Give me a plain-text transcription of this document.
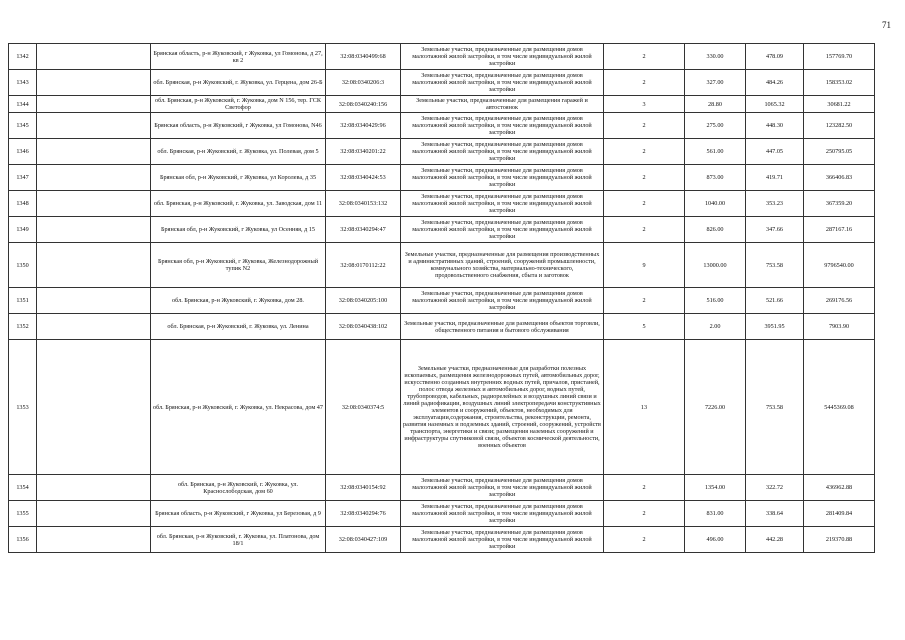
71
1342		Брянская область, р-н Жуковский, г Жуковка, ул Гомонова, д 27, кв 2	32:08:0340499:68	Земельные участки, предназначенные для размещения домов малоэтажной жилой застройки, в том числе индивидуальной жилой застройки	2	330.00	478.09	157769.70
1343		обл. Брянская, р-н Жуковский, г. Жуковка, ул. Герцена, дом 26-Б	32:08:0340206:3	Земельные участки, предназначенные для размещения домов малоэтажной жилой застройки, в том числе индивидуальной жилой застройки	2	327.00	484.26	158353.02
1344		обл. Брянская, р-н Жуковский, г. Жуковка, дом N 156, тер. ГСК Светофор	32:08:0340240:156	Земельные участки, предназначенные для размещения гаражей и автостоянок	3	28.80	1065.32	30681.22
1345		Брянская область, р-н Жуковский, г Жуковка, ул Гомонова, N46	32:08:0340429:96	Земельные участки, предназначенные для размещения домов малоэтажной жилой застройки, в том числе индивидуальной жилой застройки	2	275.00	448.30	123282.50
1346		обл. Брянская, р-н Жуковский, г. Жуковка, ул. Полевая, дом 5	32:08:0340201:22	Земельные участки, предназначенные для размещения домов малоэтажной жилой застройки, в том числе индивидуальной жилой застройки	2	561.00	447.05	250795.05
1347		Брянская обл, р-н Жуковский, г Жуковка, ул Королева, д 35	32:08:0340424:53	Земельные участки, предназначенные для размещения домов малоэтажной жилой застройки, в том числе индивидуальной жилой застройки	2	873.00	419.71	366406.83
1348		обл. Брянская, р-н Жуковский, г. Жуковка, ул. Заводская, дом 11	32:08:0340153:132	Земельные участки, предназначенные для размещения домов малоэтажной жилой застройки, в том числе индивидуальной жилой застройки	2	1040.00	353.23	367359.20
1349		Брянская обл, р-н Жуковский, г Жуковка, ул Осенняя, д 15	32:08:0340294:47	Земельные участки, предназначенные для размещения домов малоэтажной жилой застройки, в том числе индивидуальной жилой застройки	2	826.00	347.66	287167.16
1350		Брянская обл, р-н Жуковский, г Жуковка, Железнодорожный тупик N2	32:08:0170112:22	Земельные участки, предназначенные для размещения производственных и административных зданий, строений, сооружений промышленности, коммунального хозяйства, материально-технического, продовольственного снабжения, сбыта и заготовок	9	13000.00	753.58	9796540.00
1351		обл. Брянская, р-н Жуковский, г. Жуковка, дом 28.	32:08:0340205:100	Земельные участки, предназначенные для размещения домов малоэтажной жилой застройки, в том числе индивидуальной жилой застройки	2	516.00	521.66	269176.56
1352		обл. Брянская, р-н Жуковский, г. Жуковка, ул. Ленина	32:08:0340438:102	Земельные участки, предназначенные для размещения объектов торговли, общественного питания и бытового обслуживания	5	2.00	3951.95	7903.90
1353		обл. Брянская, р-н Жуковский, г. Жуковка, ул. Некрасова, дом 47	32:08:0340374:5	Земельные участки, предназначенные для разработки полезных ископаемых, размещения железнодорожных путей, автомобильных дорог, искусственно созданных внутренних водных путей, причалов, пристаней, полос отвода железных и автомобильных дорог, водных путей, трубопроводов, кабельных, радиорелейных и воздушных линий связи и линий радиофикации, воздушных линий электропередачи конструктивных элементов и сооружений, объектов, необходимых для эксплуатации,содержания, строительства, реконструкции, ремонта, развития наземных и подземных зданий, строений, сооружений, устройств транспорта, энергетики и связи; размещения наземных сооружений и инфраструктуры спутниковой связи, объектов космической деятельности, военных объектов	13	7226.00	753.58	5445369.08
1354		обл. Брянская, р-н Жуковский, г. Жуковка, ул. Краснослободская, дом 60	32:08:0340154:92	Земельные участки, предназначенные для размещения домов малоэтажной жилой застройки, в том числе индивидуальной жилой застройки	2	1354.00	322.72	436962.88
1355		Брянская область, р-н Жуковский, г Жуковка, ул Березовая, д 9	32:08:0340294:76	Земельные участки, предназначенные для размещения домов малоэтажной жилой застройки, в том числе индивидуальной жилой застройки	2	831.00	338.64	281409.84
1356		обл. Брянская, р-н Жуковский, г. Жуковка, ул. Платонова, дом 18/1	32:08:0340427:109	Земельные участки, предназначенные для размещения домов малоэтажной жилой застройки, в том числе индивидуальной жилой застройки	2	496.00	442.28	219370.88
